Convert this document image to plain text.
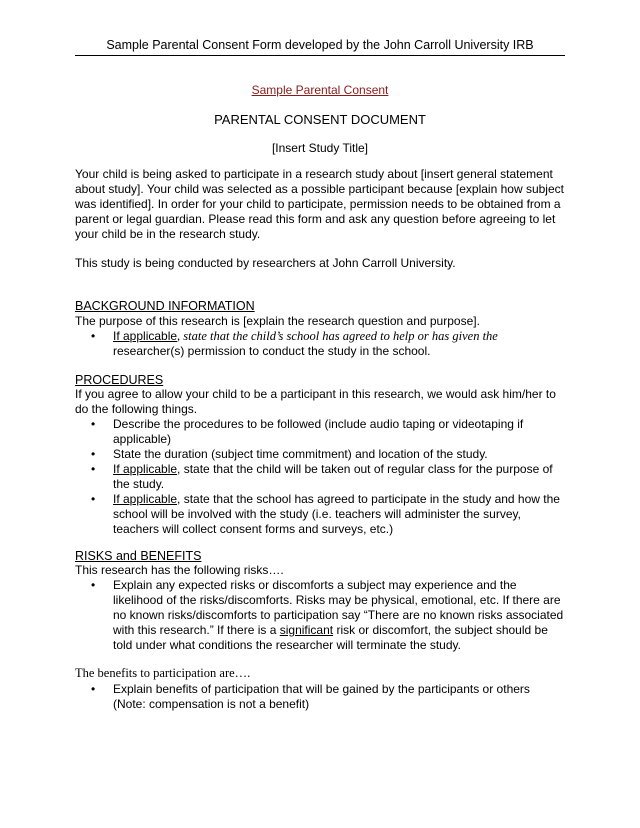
Sample Parental Consent Form developed by the John Carroll University IRB
Sample Parental Consent
PARENTAL CONSENT DOCUMENT
[Insert Study Title]
Your child is being asked to participate in a research study about [insert general statement about study]. Your child was selected as a possible participant because [explain how subject was identified]. In order for your child to participate, permission needs to be obtained from a parent or legal guardian. Please read this form and ask any question before agreeing to let your child be in the research study.
This study is being conducted by researchers at John Carroll University.
BACKGROUND INFORMATION
The purpose of this research is [explain the research question and purpose].
• If applicable, state that the child’s school has agreed to help or has given the
researcher(s) permission to conduct the study in the school.
PROCEDURES
If you agree to allow your child to be a participant in this research, we would ask him/her to do the following things.
• Describe the procedures to be followed (include audio taping or videotaping if applicable)
• State the duration (subject time commitment) and location of the study.
• If applicable, state that the child will be taken out of regular class for the purpose of the study.
• If applicable, state that the school has agreed to participate in the study and how the school will be involved with the study (i.e. teachers will administer the survey, teachers will collect consent forms and surveys, etc.)
RISKS and BENEFITS
This research has the following risks….
• Explain any expected risks or discomforts a subject may experience and the likelihood of the risks/discomforts. Risks may be physical, emotional, etc. If there are no known risks/discomforts to participation say “There are no known risks associated with this research.” If there is a significant risk or discomfort, the subject should be told under what conditions the researcher will terminate the study.
The benefits to participation are….
• Explain benefits of participation that will be gained by the participants or others (Note: compensation is not a benefit)
